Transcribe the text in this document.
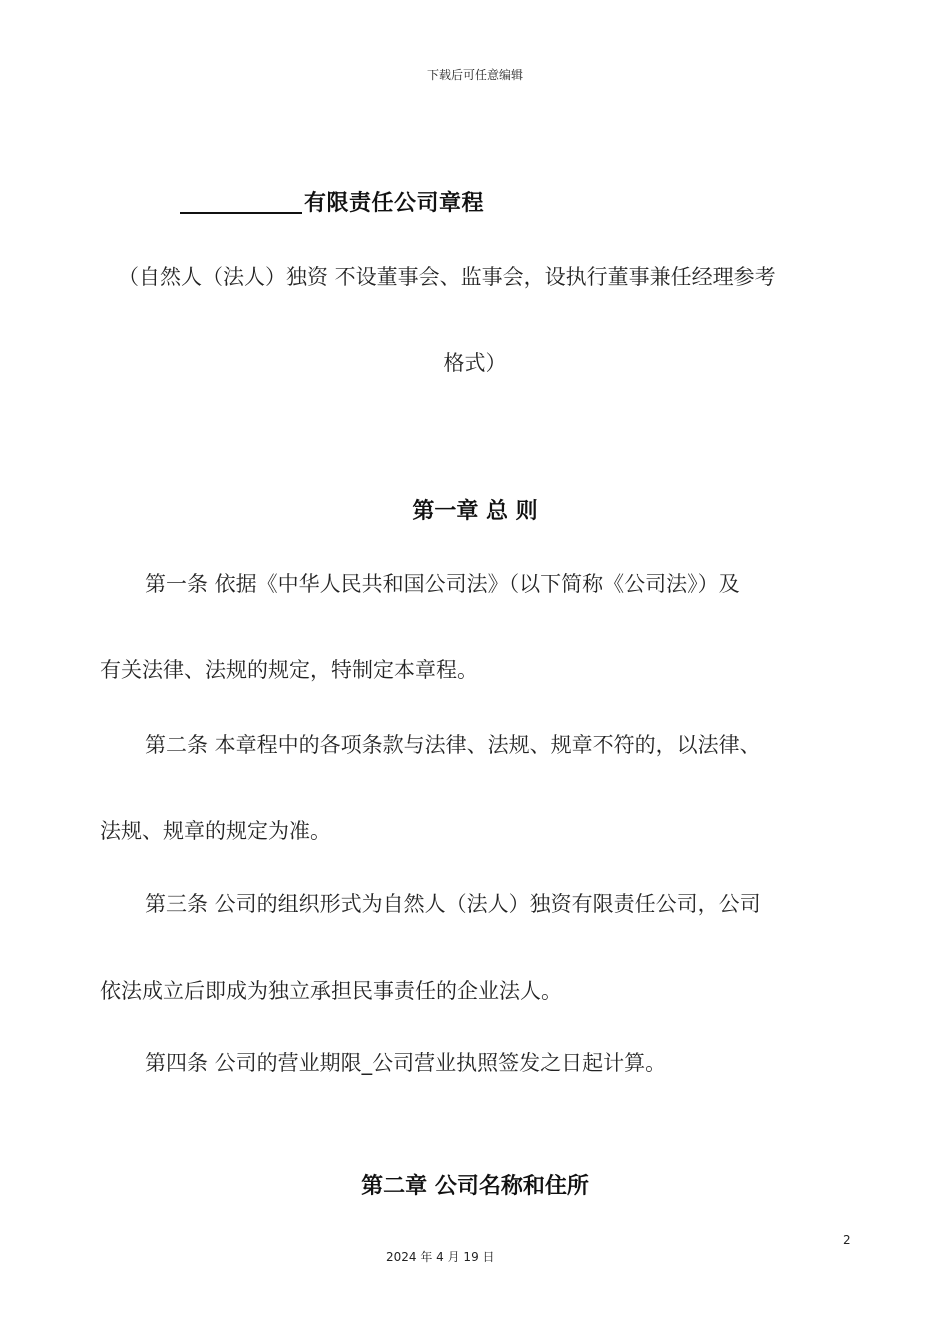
下载后可任意编辑
有限责任公司章程
（自然人（法人）独资 不设董事会、监事会，设执行董事兼任经理参考
格式）
第一章 总 则
第一条 依据《中华人民共和国公司法》（以下简称《公司法》）及
有关法律、法规的规定，特制定本章程。
第二条 本章程中的各项条款与法律、法规、规章不符的，以法律、
法规、规章的规定为准。
第三条 公司的组织形式为自然人（法人）独资有限责任公司，公司
依法成立后即成为独立承担民事责任的企业法人。
第四条 公司的营业期限_公司营业执照签发之日起计算。
第二章 公司名称和住所
2
2024 年 4 月 19 日
